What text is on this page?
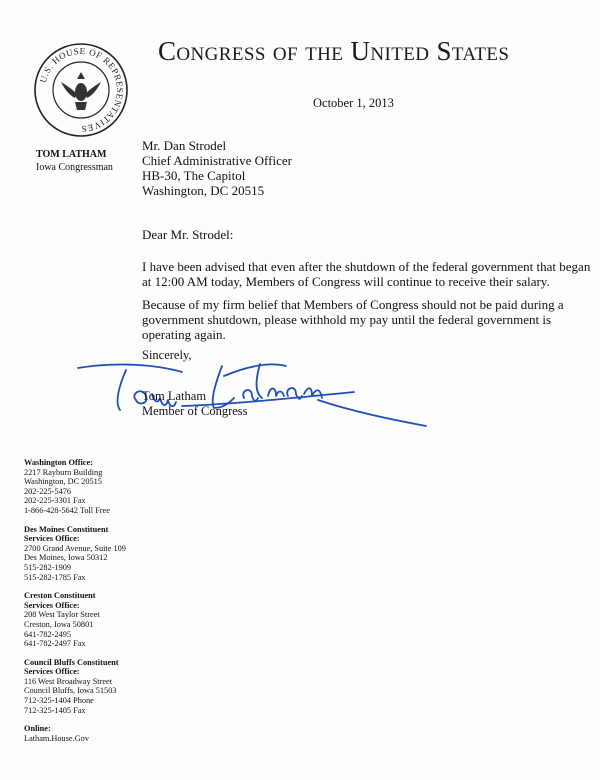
U.S. HOUSE OF REPRESENTATIVES
Congress of the United States
October 1, 2013
TOM LATHAM
Iowa Congressman
Mr. Dan Strodel
Chief Administrative Officer
HB-30, The Capitol
Washington, DC 20515
Dear Mr. Strodel:
I have been advised that even after the shutdown of the federal government that began at 12:00 AM today, Members of Congress will continue to receive their salary.
Because of my firm belief that Members of Congress should not be paid during a government shutdown, please withhold my pay until the federal government is operating again.
Sincerely,
Tom Latham
Member of Congress
Washington Office:
2217 Rayburn Building
Washington, DC 20515
202-225-5476
202-225-3301 Fax
1-866-428-5642 Toll Free
Des Moines Constituent Services Office:
2700 Grand Avenue, Suite 109
Des Moines, Iowa 50312
515-282-1909
515-282-1785 Fax
Creston Constituent Services Office:
208 West Taylor Street
Creston, Iowa 50801
641-782-2495
641-782-2497 Fax
Council Bluffs Constituent Services Office:
116 West Broadway Street
Council Bluffs, Iowa 51503
712-325-1404 Phone
712-325-1405 Fax
Online:
Latham.House.Gov
